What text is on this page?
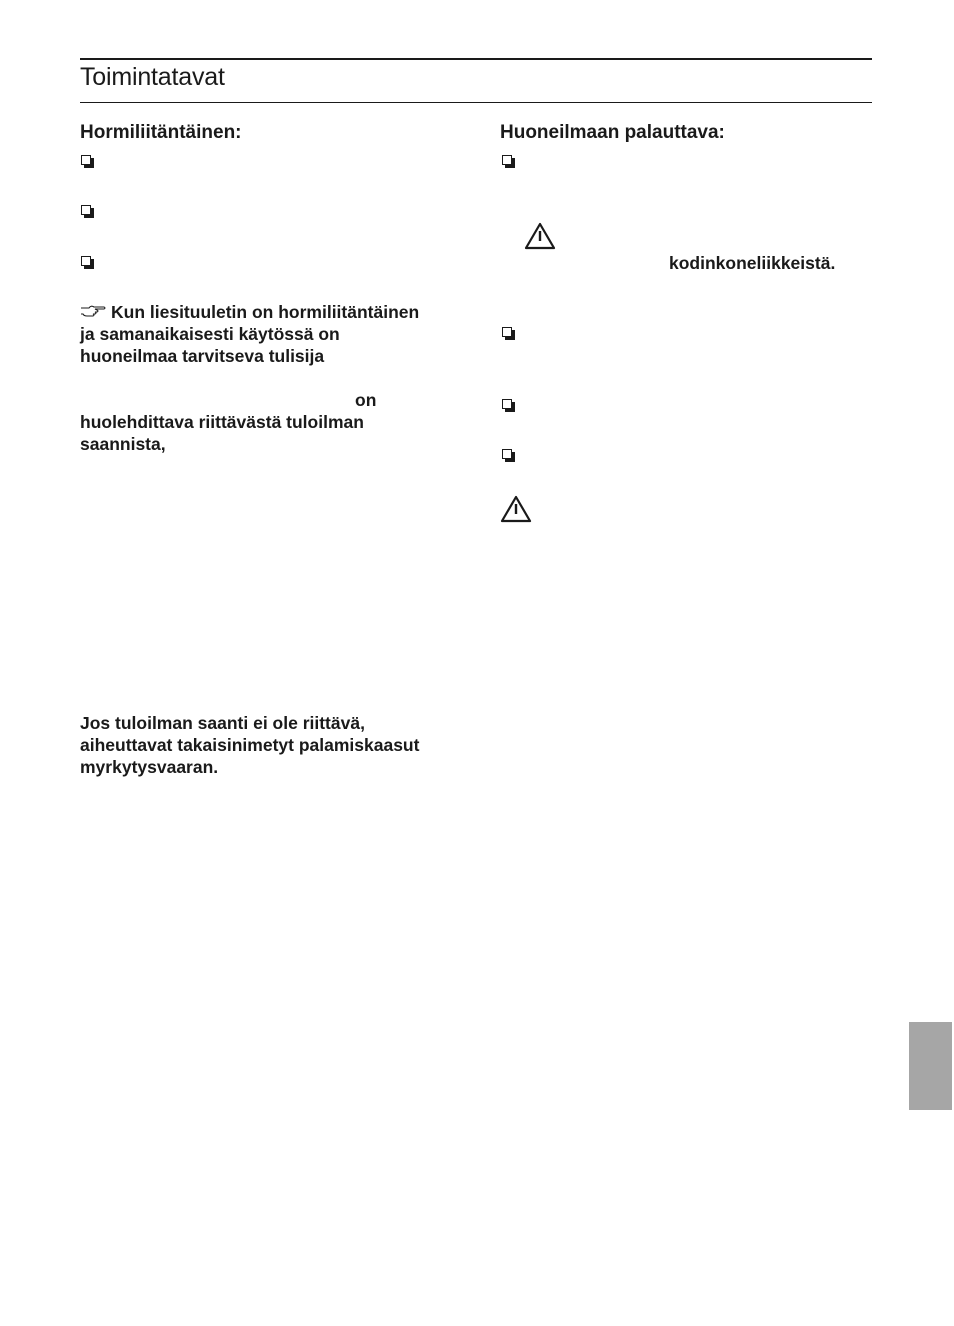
Toimintatavat
Hormiliitäntäinen:
Kun liesituuletin on hormiliitäntäinen
ja samanaikaisesti käytössä on
huoneilmaa tarvitseva tulisija
on
huolehdittava riittävästä tuloilman
saannista,
Jos tuloilman saanti ei ole riittävä,
aiheuttavat takaisinimetyt palamiskaasut
myrkytysvaaran.
Huoneilmaan palauttava:
kodinkoneliikkeistä.
